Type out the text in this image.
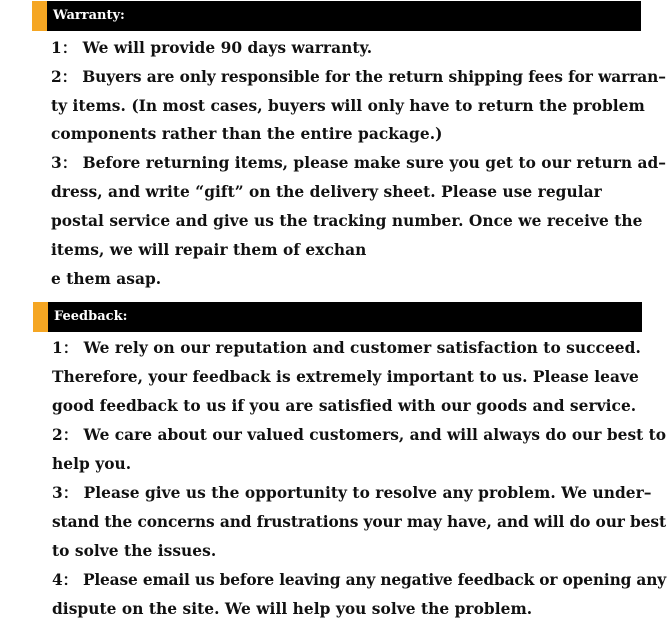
Warranty:
1： We will provide 90 days warranty.
2： Buyers are only responsible for the return shipping fees for warran–
ty items. (In most cases, buyers will only have to return the problem
components rather than the entire package.)
3： Before returning items, please make sure you get to our return ad–
dress, and write “gift” on the delivery sheet. Please use regular
postal service and give us the tracking number. Once we receive the
items, we will repair them of exchan
e them asap.
Feedback:
1： We rely on our reputation and customer satisfaction to succeed.
Therefore, your feedback is extremely important to us. Please leave
good feedback to us if you are satisfied with our goods and service.
2： We care about our valued customers, and will always do our best to
help you.
3： Please give us the opportunity to resolve any problem. We under–
stand the concerns and frustrations your may have, and will do our best
to solve the issues.
4： Please email us before leaving any negative feedback or opening any
dispute on the site. We will help you solve the problem.
